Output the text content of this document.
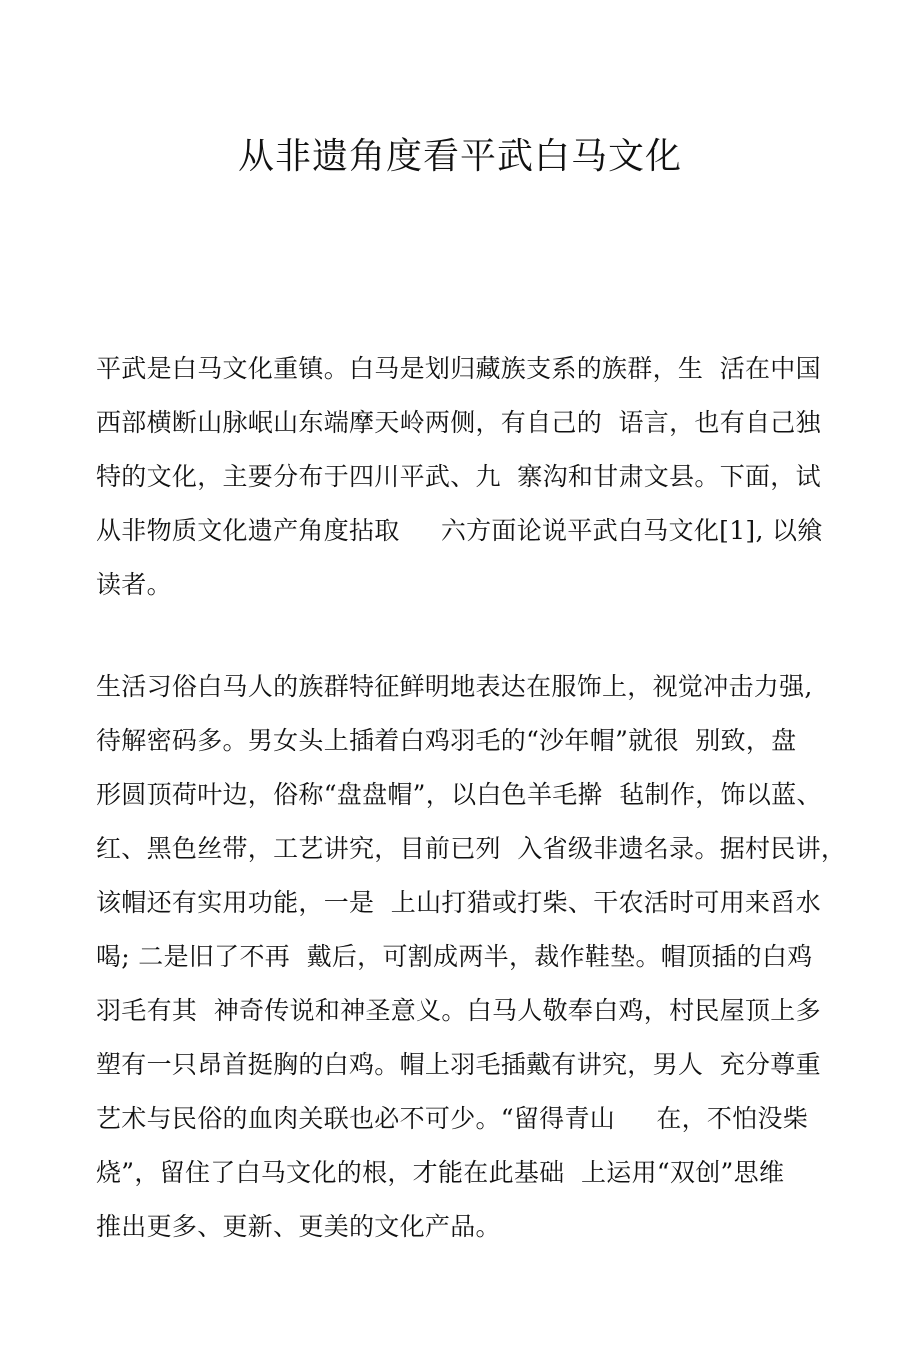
从非遗角度看平武白马文化

平武是白马文化重镇。白马是划归藏族支系的族群，生  活在中国
西部横断山脉岷山东端摩天岭两侧，有自己的  语言，也有自己独
特的文化，主要分布于四川平武、九  寨沟和甘肃文县。下面，试
从非物质文化遗产角度拈取     六方面论说平武白马文化[1], 以飨
读者。

生活习俗白马人的族群特征鲜明地表达在服饰上，视觉冲击力强,
待解密码多。男女头上插着白鸡羽毛的“沙年帽”就很  别致，盘
形圆顶荷叶边，俗称“盘盘帽”，以白色羊毛擀  毡制作，饰以蓝、
红、黑色丝带，工艺讲究，目前已列  入省级非遗名录。据村民讲，
该帽还有实用功能，一是  上山打猎或打柴、干农活时可用来舀水
喝; 二是旧了不再  戴后，可割成两半，裁作鞋垫。帽顶插的白鸡
羽毛有其  神奇传说和神圣意义。白马人敬奉白鸡，村民屋顶上多
塑有一只昂首挺胸的白鸡。帽上羽毛插戴有讲究，男人  充分尊重
艺术与民俗的血肉关联也必不可少。“留得青山     在，不怕没柴
烧”，留住了白马文化的根，才能在此基础  上运用“双创”思维
推出更多、更新、更美的文化产品。
